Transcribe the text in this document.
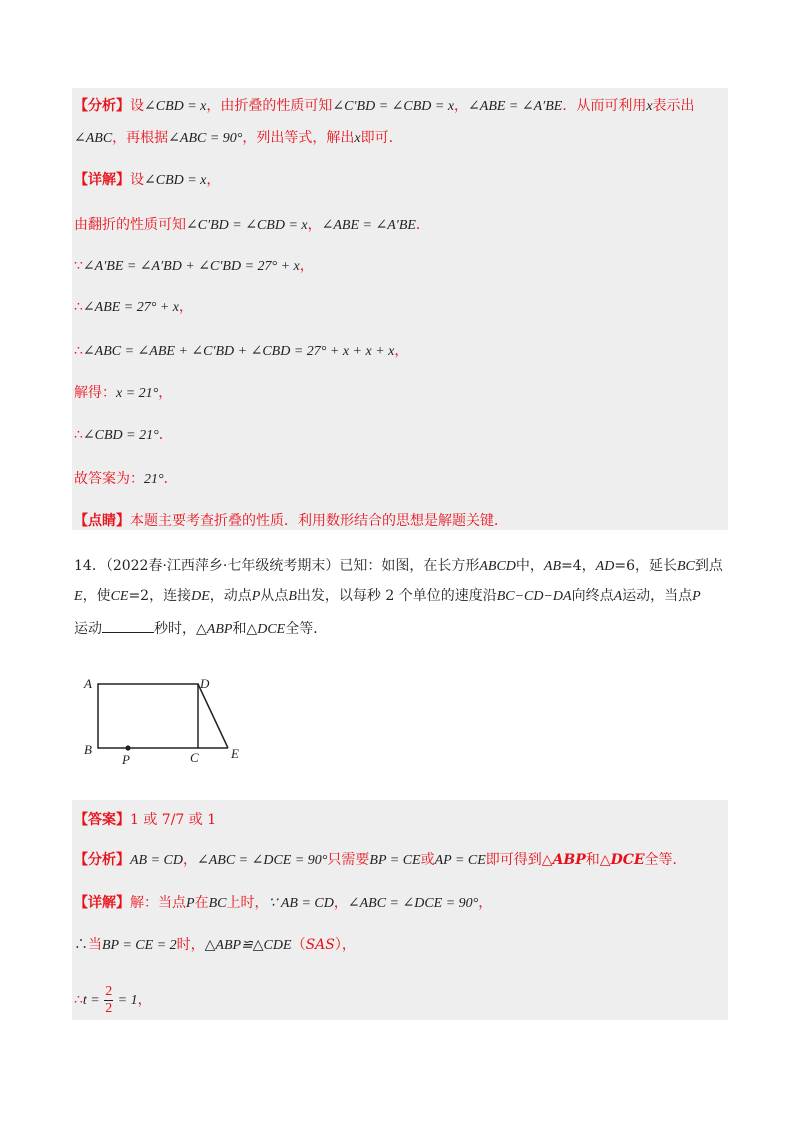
【分析】设∠CBD = x，由折叠的性质可知∠C′BD = ∠CBD = x，∠ABE = ∠A′BE．从而可利用x表示出
∠ABC，再根据∠ABC = 90°，列出等式，解出x即可．
【详解】设∠CBD = x，
由翻折的性质可知∠C′BD = ∠CBD = x，∠ABE = ∠A′BE．
∵∠A′BE = ∠A′BD + ∠C′BD = 27° + x，
∴∠ABE = 27° + x，
∴∠ABC = ∠ABE + ∠C′BD + ∠CBD = 27° + x + x + x，
解得：x = 21°，
∴∠CBD = 21°．
故答案为：21°．
【点睛】本题主要考查折叠的性质．利用数形结合的思想是解题关键．
14．（2022春·江西萍乡·七年级统考期末）已知：如图，在长方形ABCD中，AB=4，AD=6，延长BC到点
E，使CE=2，连接DE，动点P从点B出发，以每秒 2 个单位的速度沿BC−CD−DA向终点A运动，当点P
运动	秒时，△ABP和△DCE全等．
A	D
B
P	C E
【答案】1 或 7/7 或 1
【分析】AB = CD，∠ABC = ∠DCE = 90°只需要BP = CE或AP = CE即可得到△ABP和△DCE全等．
【详解】解：当点P在BC上时，∵ AB = CD，∠ABC = ∠DCE = 90°，
∴当BP = CE = 2时，△ABP≌△CDE（SAS），
∴t = $\frac{2}{2} = 1$，
